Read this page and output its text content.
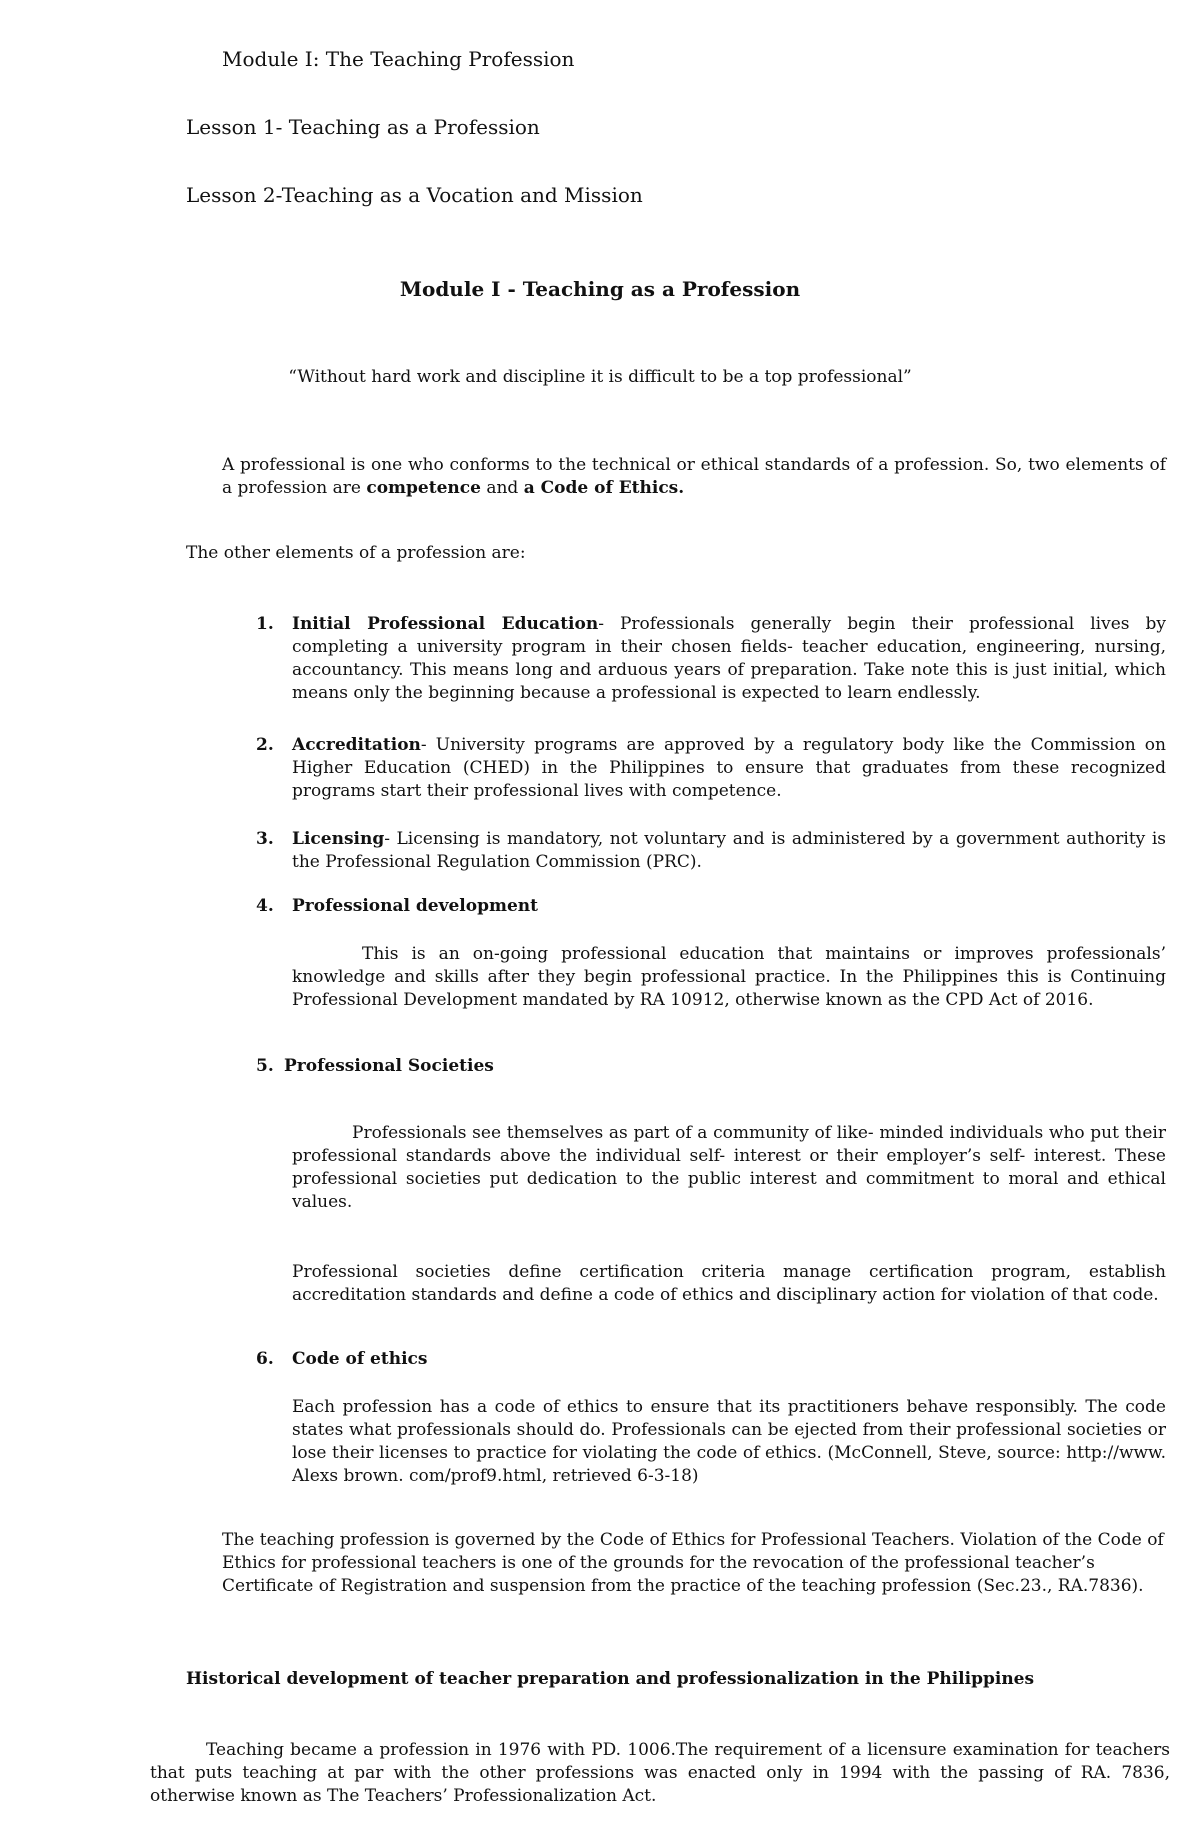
Module I: The Teaching Profession
Lesson 1- Teaching as a Profession
Lesson 2-Teaching as a Vocation and Mission
Module I - Teaching as a Profession
“Without hard work and discipline it is difficult to be a top professional”
A professional is one who conforms to the technical or ethical standards of a profession. So, two elements of a profession are competence and a Code of Ethics.
The other elements of a profession are:
1. Initial Professional Education- Professionals generally begin their professional lives by completing a university program in their chosen fields- teacher education, engineering, nursing, accountancy. This means long and arduous years of preparation. Take note this is just initial, which means only the beginning because a professional is expected to learn endlessly.
2. Accreditation- University programs are approved by a regulatory body like the Commission on Higher Education (CHED) in the Philippines to ensure that graduates from these recognized programs start their professional lives with competence.
3. Licensing- Licensing is mandatory, not voluntary and is administered by a government authority is the Professional Regulation Commission (PRC).
4. Professional development
This is an on-going professional education that maintains or improves professionals’ knowledge and skills after they begin professional practice. In the Philippines this is Continuing Professional Development mandated by RA 10912, otherwise known as the CPD Act of 2016.
5. Professional Societies
Professionals see themselves as part of a community of like- minded individuals who put their professional standards above the individual self- interest or their employer’s self- interest. These professional societies put dedication to the public interest and commitment to moral and ethical values.
Professional societies define certification criteria manage certification program, establish accreditation standards and define a code of ethics and disciplinary action for violation of that code.
6. Code of ethics
Each profession has a code of ethics to ensure that its practitioners behave responsibly. The code states what professionals should do. Professionals can be ejected from their professional societies or lose their licenses to practice for violating the code of ethics. (McConnell, Steve, source: http://www. Alexs brown. com/prof9.html, retrieved 6-3-18)
The teaching profession is governed by the Code of Ethics for Professional Teachers. Violation of the Code of Ethics for professional teachers is one of the grounds for the revocation of the professional teacher’s Certificate of Registration and suspension from the practice of the teaching profession (Sec.23., RA.7836).
Historical development of teacher preparation and professionalization in the Philippines
Teaching became a profession in 1976 with PD. 1006.The requirement of a licensure examination for teachers that puts teaching at par with the other professions was enacted only in 1994 with the passing of RA. 7836, otherwise known as The Teachers’ Professionalization Act.
